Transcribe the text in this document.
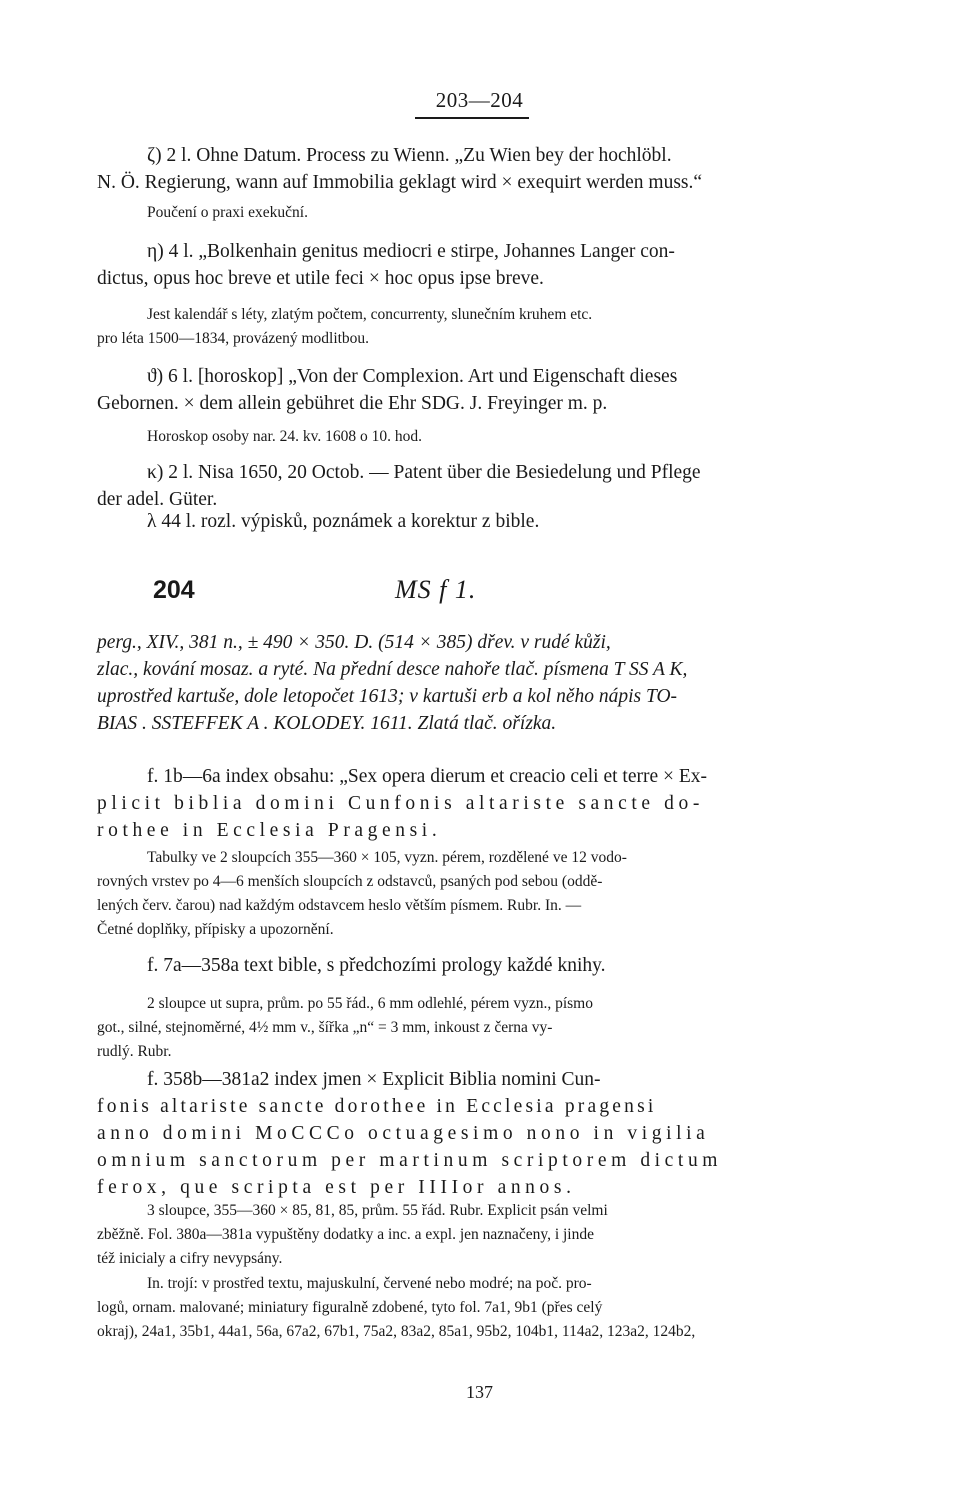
203—204

ζ) 2 l. Ohne Datum. Process zu Wienn. „Zu Wien bey der hochlöbl.

N. Ö. Regierung, wann auf Immobilia geklagt wird × exequirt werden muss.“

Poučení o praxi exekuční.

η) 4 l. „Bolkenhain genitus mediocri e stirpe, Johannes Langer con-

dictus, opus hoc breve et utile feci × hoc opus ipse breve.

Jest kalendář s léty, zlatým počtem, concurrenty, slunečním kruhem etc.

pro léta 1500—1834, provázený modlitbou.

ϑ) 6 l. [horoskop] „Von der Complexion. Art und Eigenschaft dieses

Gebornen. × dem allein gebühret die Ehr SDG. J. Freyinger m. p.

Horoskop osoby nar. 24. kv. 1608 o 10. hod.

κ) 2 l. Nisa 1650, 20 Octob. — Patent über die Besiedelung und Pflege

der adel. Güter.

λ 44 l. rozl. výpisků, poznámek a korektur z bible.

204	MS f 1.

perg., XIV., 381 n., ± 490 × 350. D. (514 × 385) dřev. v rudé kůži,

zlac., kování mosaz. a ryté. Na přední desce nahoře tlač. písmena T SS A K,

uprostřed kartuše, dole letopočet 1613; v kartuši erb a kol něho nápis TO-

BIAS . SSTEFFEK A . KOLODEY. 1611. Zlatá tlač. ořízka.

f. 1b—6a index obsahu: „Sex opera dierum et creacio celi et terre × Ex-

plicit biblia domini Cunfonis altariste sancte do-

rothee in Ecclesia Pragensi.

Tabulky ve 2 sloupcích 355—360 × 105, vyzn. pérem, rozdělené ve 12 vodo-

rovných vrstev po 4—6 menších sloupcích z odstavců, psaných pod sebou (oddě-

lených červ. čarou) nad každým odstavcem heslo větším písmem. Rubr. In. —

Četné doplňky, přípisky a upozornění.

f. 7a—358a text bible, s předchozími prology každé knihy.

2 sloupce ut supra, prům. po 55 řád., 6 mm odlehlé, pérem vyzn., písmo

got., silné, stejnoměrné, 4½ mm v., šířka „n“ = 3 mm, inkoust z černa vy-

rudlý. Rubr.

f. 358b—381a2 index jmen × Explicit Biblia nomini Cun-

fonis altariste sancte dorothee in Ecclesia pragensi

anno domini MoCCCo octuagesimo nono in vigilia

omnium sanctorum per martinum scriptorem dictum

ferox, que scripta est per IIIIor annos.

3 sloupce, 355—360 × 85, 81, 85, prům. 55 řád. Rubr. Explicit psán velmi

zběžně. Fol. 380a—381a vypuštěny dodatky a inc. a expl. jen naznačeny, i jinde

též inicialy a cifry nevypsány.

In. trojí: v prostřed textu, majuskulní, červené nebo modré; na poč. pro-

logů, ornam. malované; miniatury figuralně zdobené, tyto fol. 7a1, 9b1 (přes celý

okraj), 24a1, 35b1, 44a1, 56a, 67a2, 67b1, 75a2, 83a2, 85a1, 95b2, 104b1, 114a2, 123a2, 124b2,

137
